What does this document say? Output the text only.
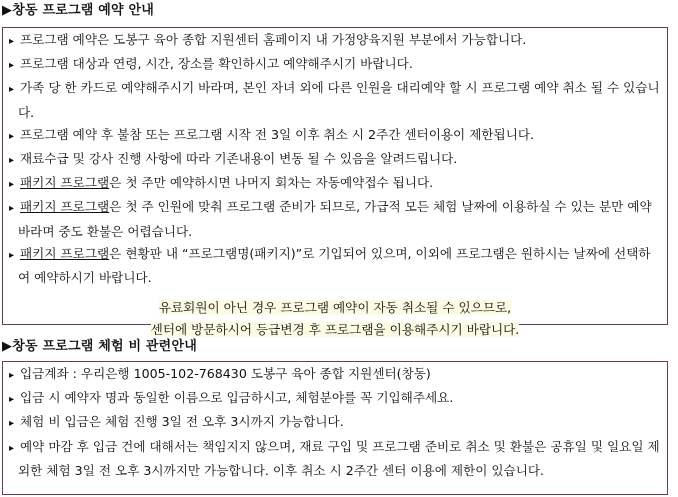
▶창동 프로그램 예약 안내

▸ 프로그램 예약은 도봉구 육아 종합 지원센터 홈페이지 내 가정양육지원 부분에서 가능합니다.

▸ 프로그램 대상과 연령, 시간, 장소를 확인하시고 예약해주시기 바랍니다.

▸ 가족 당 한 카드로 예약해주시기 바라며, 본인 자녀 외에 다른 인원을 대리예약 할 시 프로그램 예약 취소 될 수 있습니다.

▸ 프로그램 예약 후 불참 또는 프로그램 시작 전 3일 이후 취소 시 2주간 센터이용이 제한됩니다.

▸ 재료수급 및 강사 진행 사항에 따라 기존내용이 변동 될 수 있음을 알려드립니다.

▸ 패키지 프로그램은 첫 주만 예약하시면 나머지 회차는 자동예약접수 됩니다.

▸ 패키지 프로그램은 첫 주 인원에 맞춰 프로그램 준비가 되므로, 가급적 모든 체험 날짜에 이용하실 수 있는 분만 예약 바라며 중도 환불은 어렵습니다.

▸ 패키지 프로그램은 현황판 내 “프로그램명(패키지)”로 기입되어 있으며, 이외에 프로그램은 원하시는 날짜에 선택하여 예약하시기 바랍니다.

유료회원이 아닌 경우 프로그램 예약이 자동 취소될 수 있으므로,
센터에 방문하시어 등급변경 후 프로그램을 이용해주시기 바랍니다.
▶창동 프로그램 체험 비 관련안내

▸ 입금계좌 : 우리은행 1005-102-768430 도봉구 육아 종합 지원센터(창동)

▸ 입금 시 예약자 명과 동일한 이름으로 입금하시고, 체험분야를 꼭 기입해주세요.

▸ 체험 비 입금은 체험 진행 3일 전 오후 3시까지 가능합니다.

▸ 예약 마감 후 입금 건에 대해서는 책임지지 않으며, 재료 구입 및 프로그램 준비로 취소 및 환불은 공휴일 및 일요일 제외한 체험 3일 전 오후 3시까지만 가능합니다. 이후 취소 시 2주간 센터 이용에 제한이 있습니다.
